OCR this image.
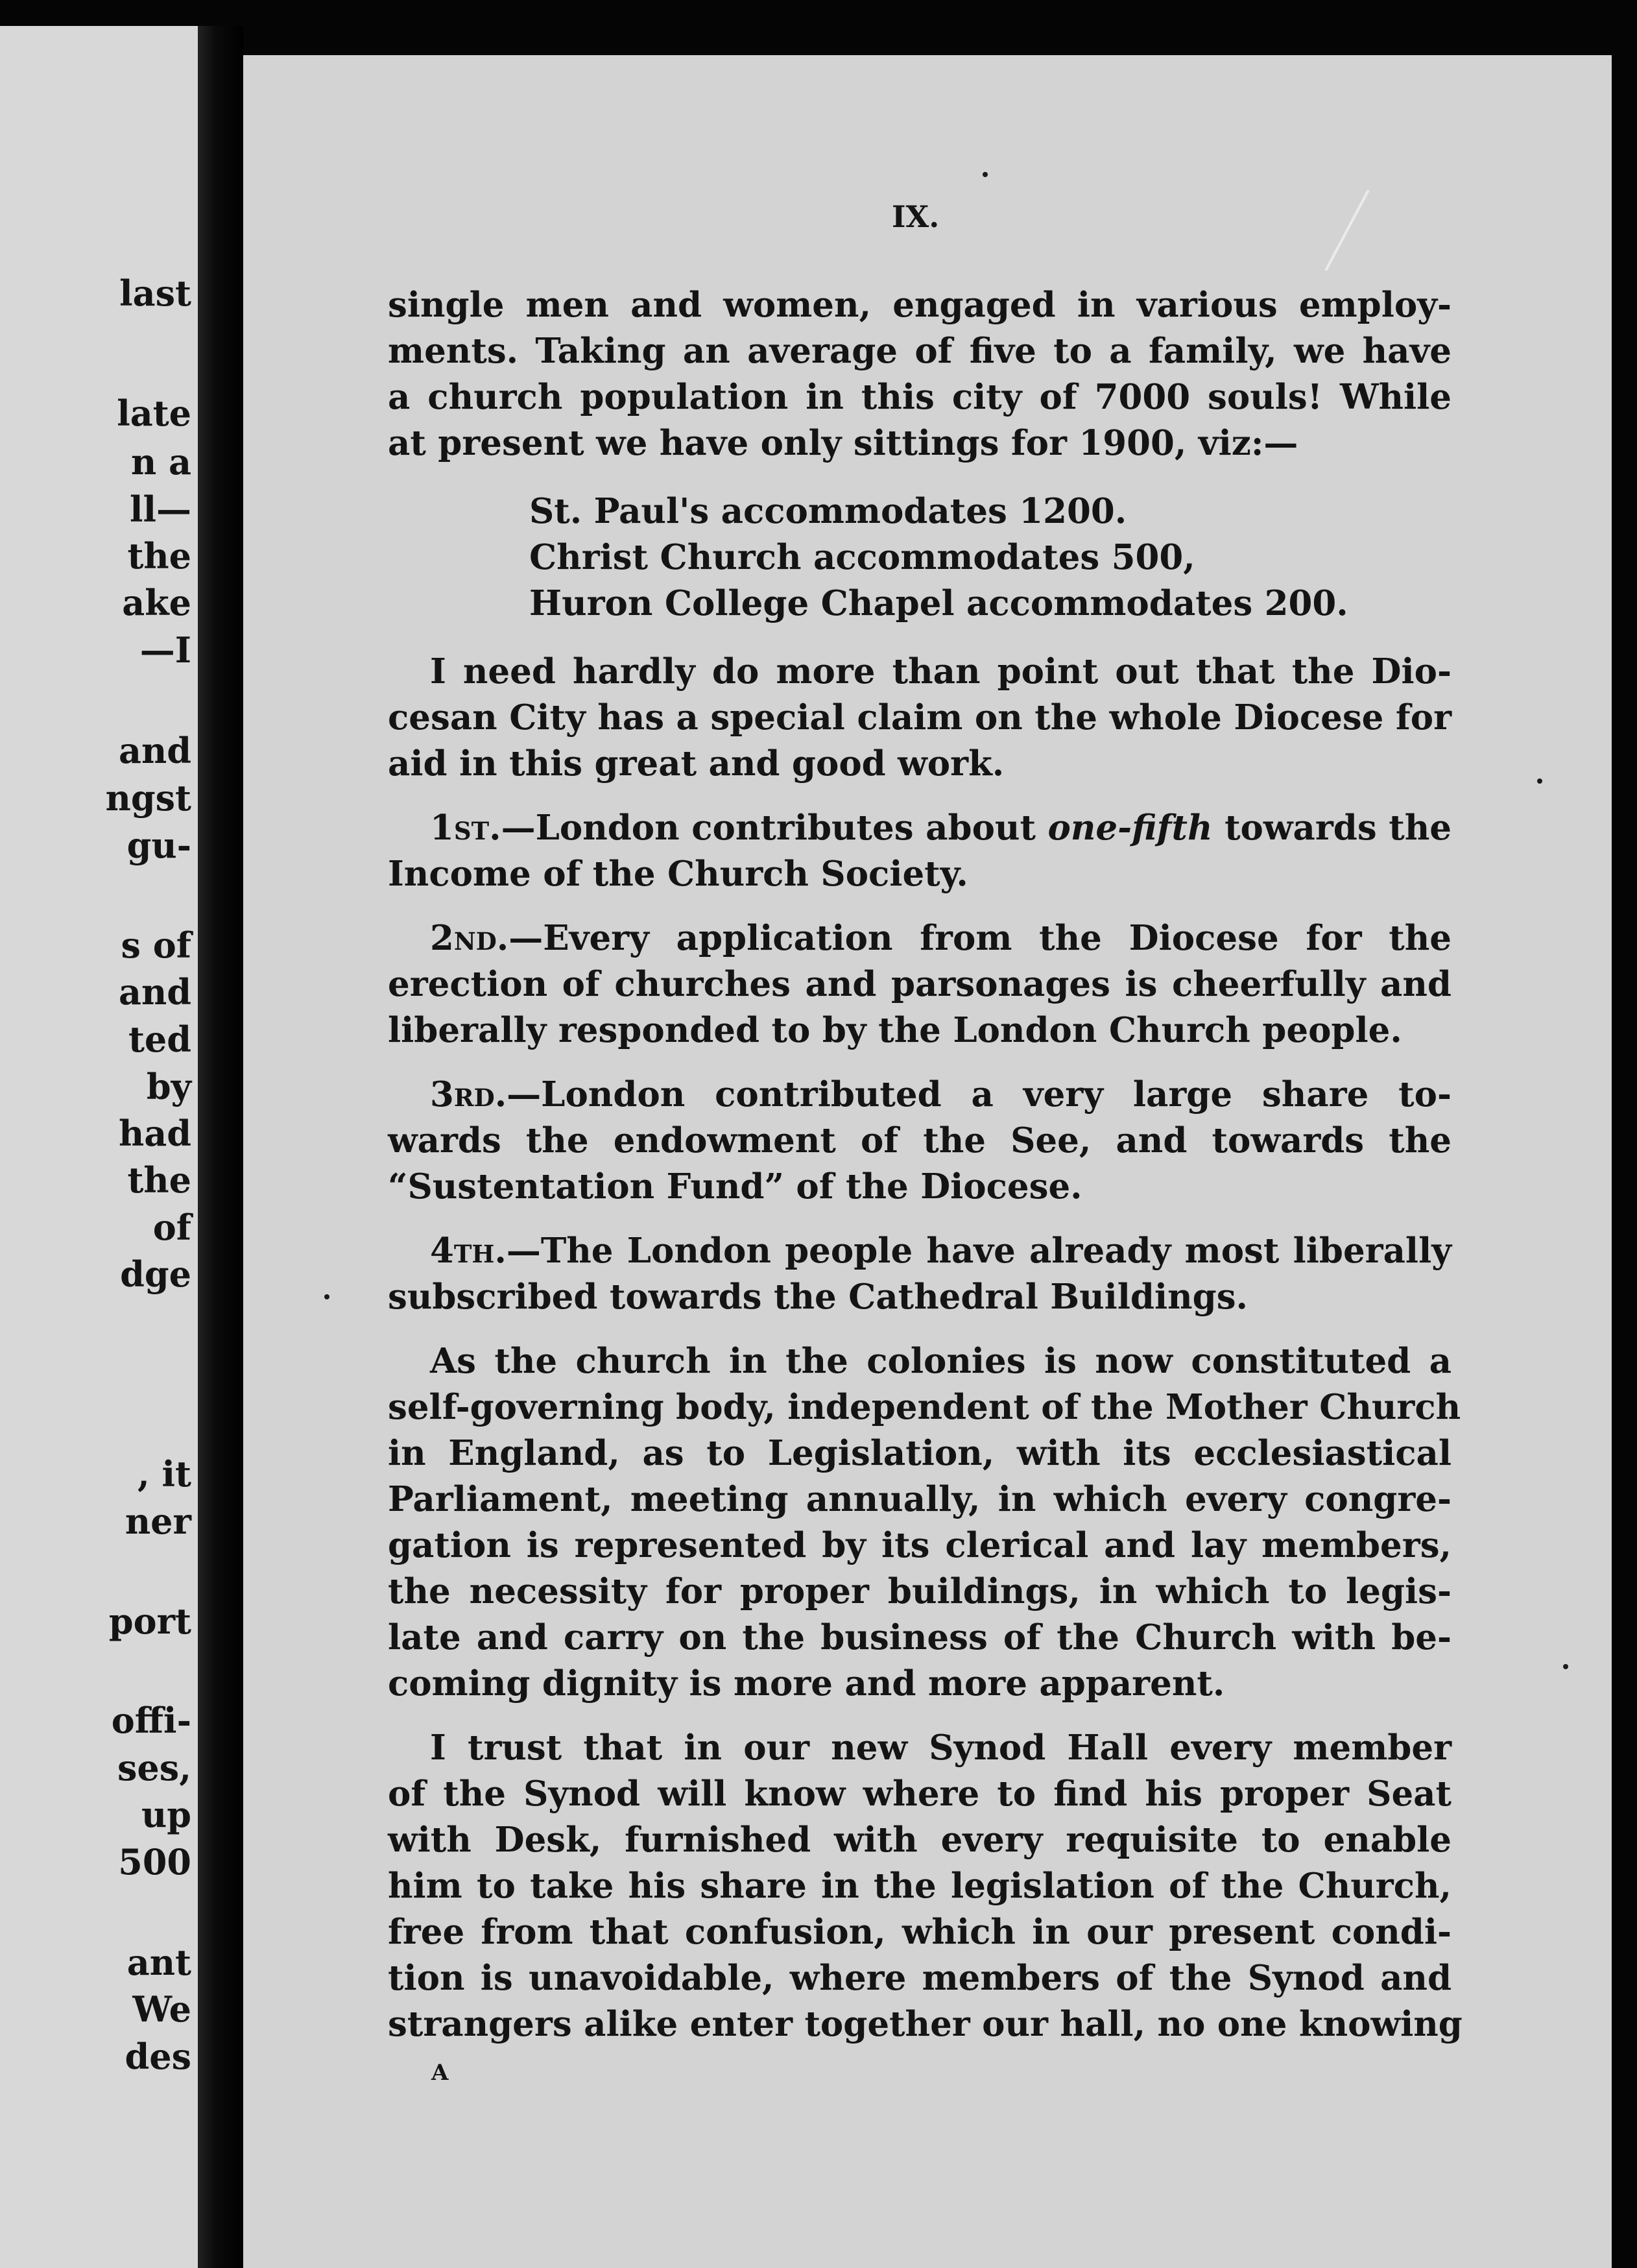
last
late
n a
ll—
the
ake
—I
and
ngst
gu-
s of
and
ted
by
had
the
of
dge
, it
ner
port
offi-
ses,
up
500
ant
We
des
IX.
single men and women, engaged in various employ-
ments. Taking an average of five to a family, we have
a church population in this city of 7000 souls! While
at present we have only sittings for 1900, viz:—
St. Paul's accommodates 1200.
Christ Church accommodates 500,
Huron College Chapel accommodates 200.
I need hardly do more than point out that the Dio-
cesan City has a special claim on the whole Diocese for
aid in this great and good work.
1st.—London contributes about one-fifth towards the
Income of the Church Society.
2nd.—Every application from the Diocese for the
erection of churches and parsonages is cheerfully and
liberally responded to by the London Church people.
3rd.—London contributed a very large share to-
wards the endowment of the See, and towards the
“Sustentation Fund” of the Diocese.
4th.—The London people have already most liberally
subscribed towards the Cathedral Buildings.
As the church in the colonies is now constituted a
self-governing body, independent of the Mother Church
in England, as to Legislation, with its ecclesiastical
Parliament, meeting annually, in which every congre-
gation is represented by its clerical and lay members,
the necessity for proper buildings, in which to legis-
late and carry on the business of the Church with be-
coming dignity is more and more apparent.
I trust that in our new Synod Hall every member
of the Synod will know where to find his proper Seat
with Desk, furnished with every requisite to enable
him to take his share in the legislation of the Church,
free from that confusion, which in our present condi-
tion is unavoidable, where members of the Synod and
strangers alike enter together our hall, no one knowing
A
